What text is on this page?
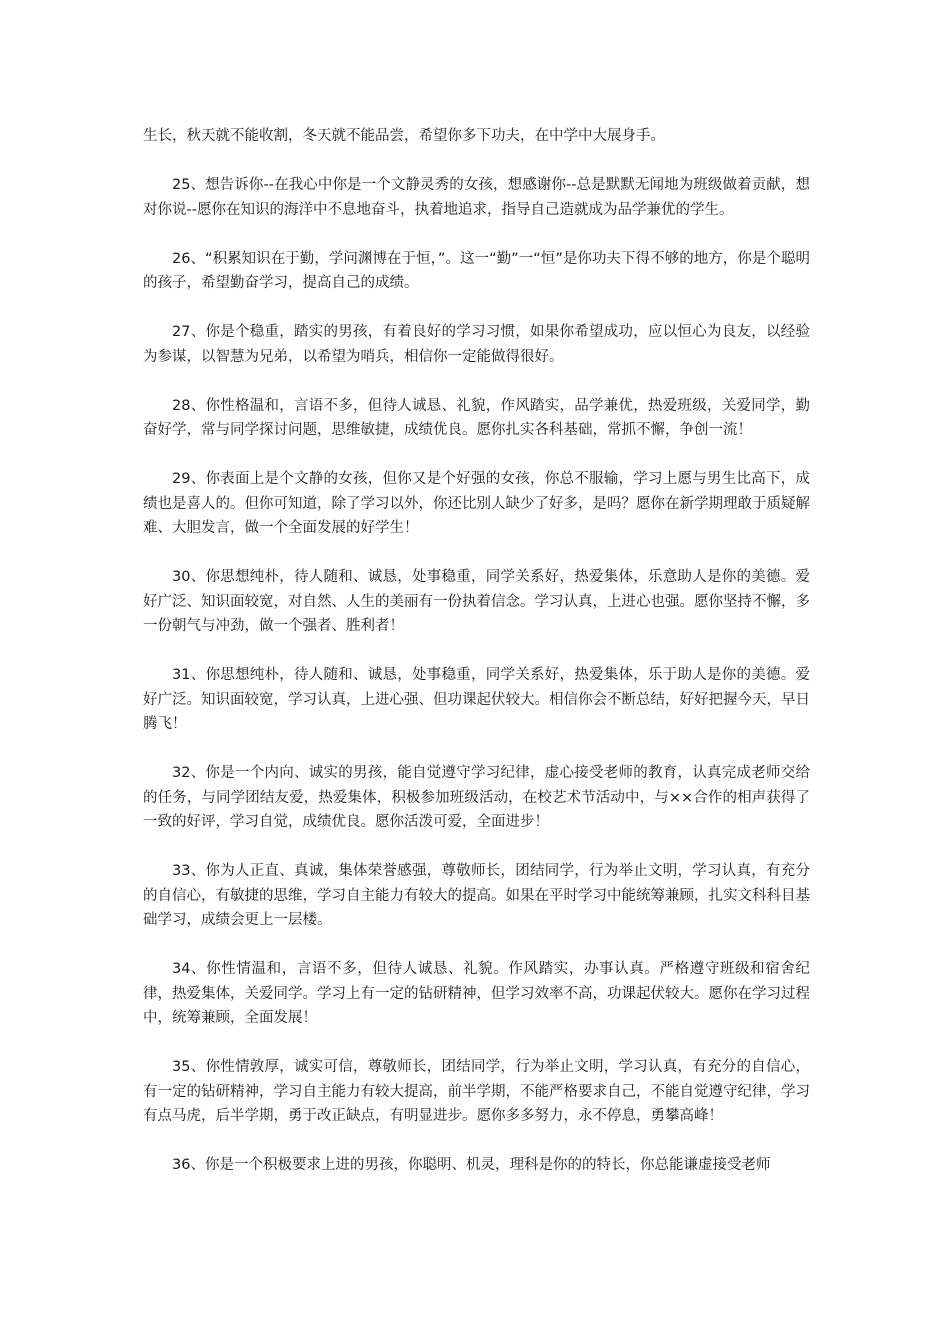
生长，秋天就不能收割，冬天就不能品尝，希望你多下功夫，在中学中大展身手。

25、想告诉你--在我心中你是一个文静灵秀的女孩，想感谢你--总是默默无闻地为班级做着贡献，想对你说--愿你在知识的海洋中不息地奋斗，执着地追求，指导自己造就成为品学兼优的学生。

26、“积累知识在于勤，学问渊博在于恒，”。这一“勤”一“恒”是你功夫下得不够的地方，你是个聪明的孩子，希望勤奋学习，提高自己的成绩。

27、你是个稳重，踏实的男孩，有着良好的学习习惯，如果你希望成功，应以恒心为良友，以经验为参谋，以智慧为兄弟，以希望为哨兵，相信你一定能做得很好。

28、你性格温和，言语不多，但待人诚恳、礼貌，作风踏实，品学兼优，热爱班级，关爱同学，勤奋好学，常与同学探讨问题，思维敏捷，成绩优良。愿你扎实各科基础，常抓不懈，争创一流！

29、你表面上是个文静的女孩，但你又是个好强的女孩，你总不服输，学习上愿与男生比高下，成绩也是喜人的。但你可知道，除了学习以外，你还比别人缺少了好多，是吗？愿你在新学期理敢于质疑解难、大胆发言，做一个全面发展的好学生！

30、你思想纯朴，待人随和、诚恳，处事稳重，同学关系好，热爱集体，乐意助人是你的美德。爱好广泛、知识面较宽，对自然、人生的美丽有一份执着信念。学习认真，上进心也强。愿你坚持不懈，多一份朝气与冲劲，做一个强者、胜利者！

31、你思想纯朴，待人随和、诚恳，处事稳重，同学关系好，热爱集体，乐于助人是你的美德。爱好广泛。知识面较宽，学习认真，上进心强、但功课起伏较大。相信你会不断总结，好好把握今天，早日腾飞！

32、你是一个内向、诚实的男孩，能自觉遵守学习纪律，虚心接受老师的教育，认真完成老师交给的任务，与同学团结友爱，热爱集体，积极参加班级活动，在校艺术节活动中，与××合作的相声获得了一致的好评，学习自觉，成绩优良。愿你活泼可爱，全面进步！

33、你为人正直、真诚，集体荣誉感强，尊敬师长，团结同学，行为举止文明，学习认真，有充分的自信心，有敏捷的思维，学习自主能力有较大的提高。如果在平时学习中能统筹兼顾，扎实文科科目基础学习，成绩会更上一层楼。

34、你性情温和，言语不多，但待人诚恳、礼貌。作风踏实，办事认真。严格遵守班级和宿舍纪律，热爱集体，关爱同学。学习上有一定的钻研精神，但学习效率不高，功课起伏较大。愿你在学习过程中，统筹兼顾，全面发展！

35、你性情敦厚，诚实可信，尊敬师长，团结同学，行为举止文明，学习认真，有充分的自信心，有一定的钻研精神，学习自主能力有较大提高，前半学期，不能严格要求自己，不能自觉遵守纪律，学习有点马虎，后半学期，勇于改正缺点，有明显进步。愿你多多努力，永不停息，勇攀高峰！

36、你是一个积极要求上进的男孩，你聪明、机灵，理科是你的的特长，你总能谦虚接受老师
